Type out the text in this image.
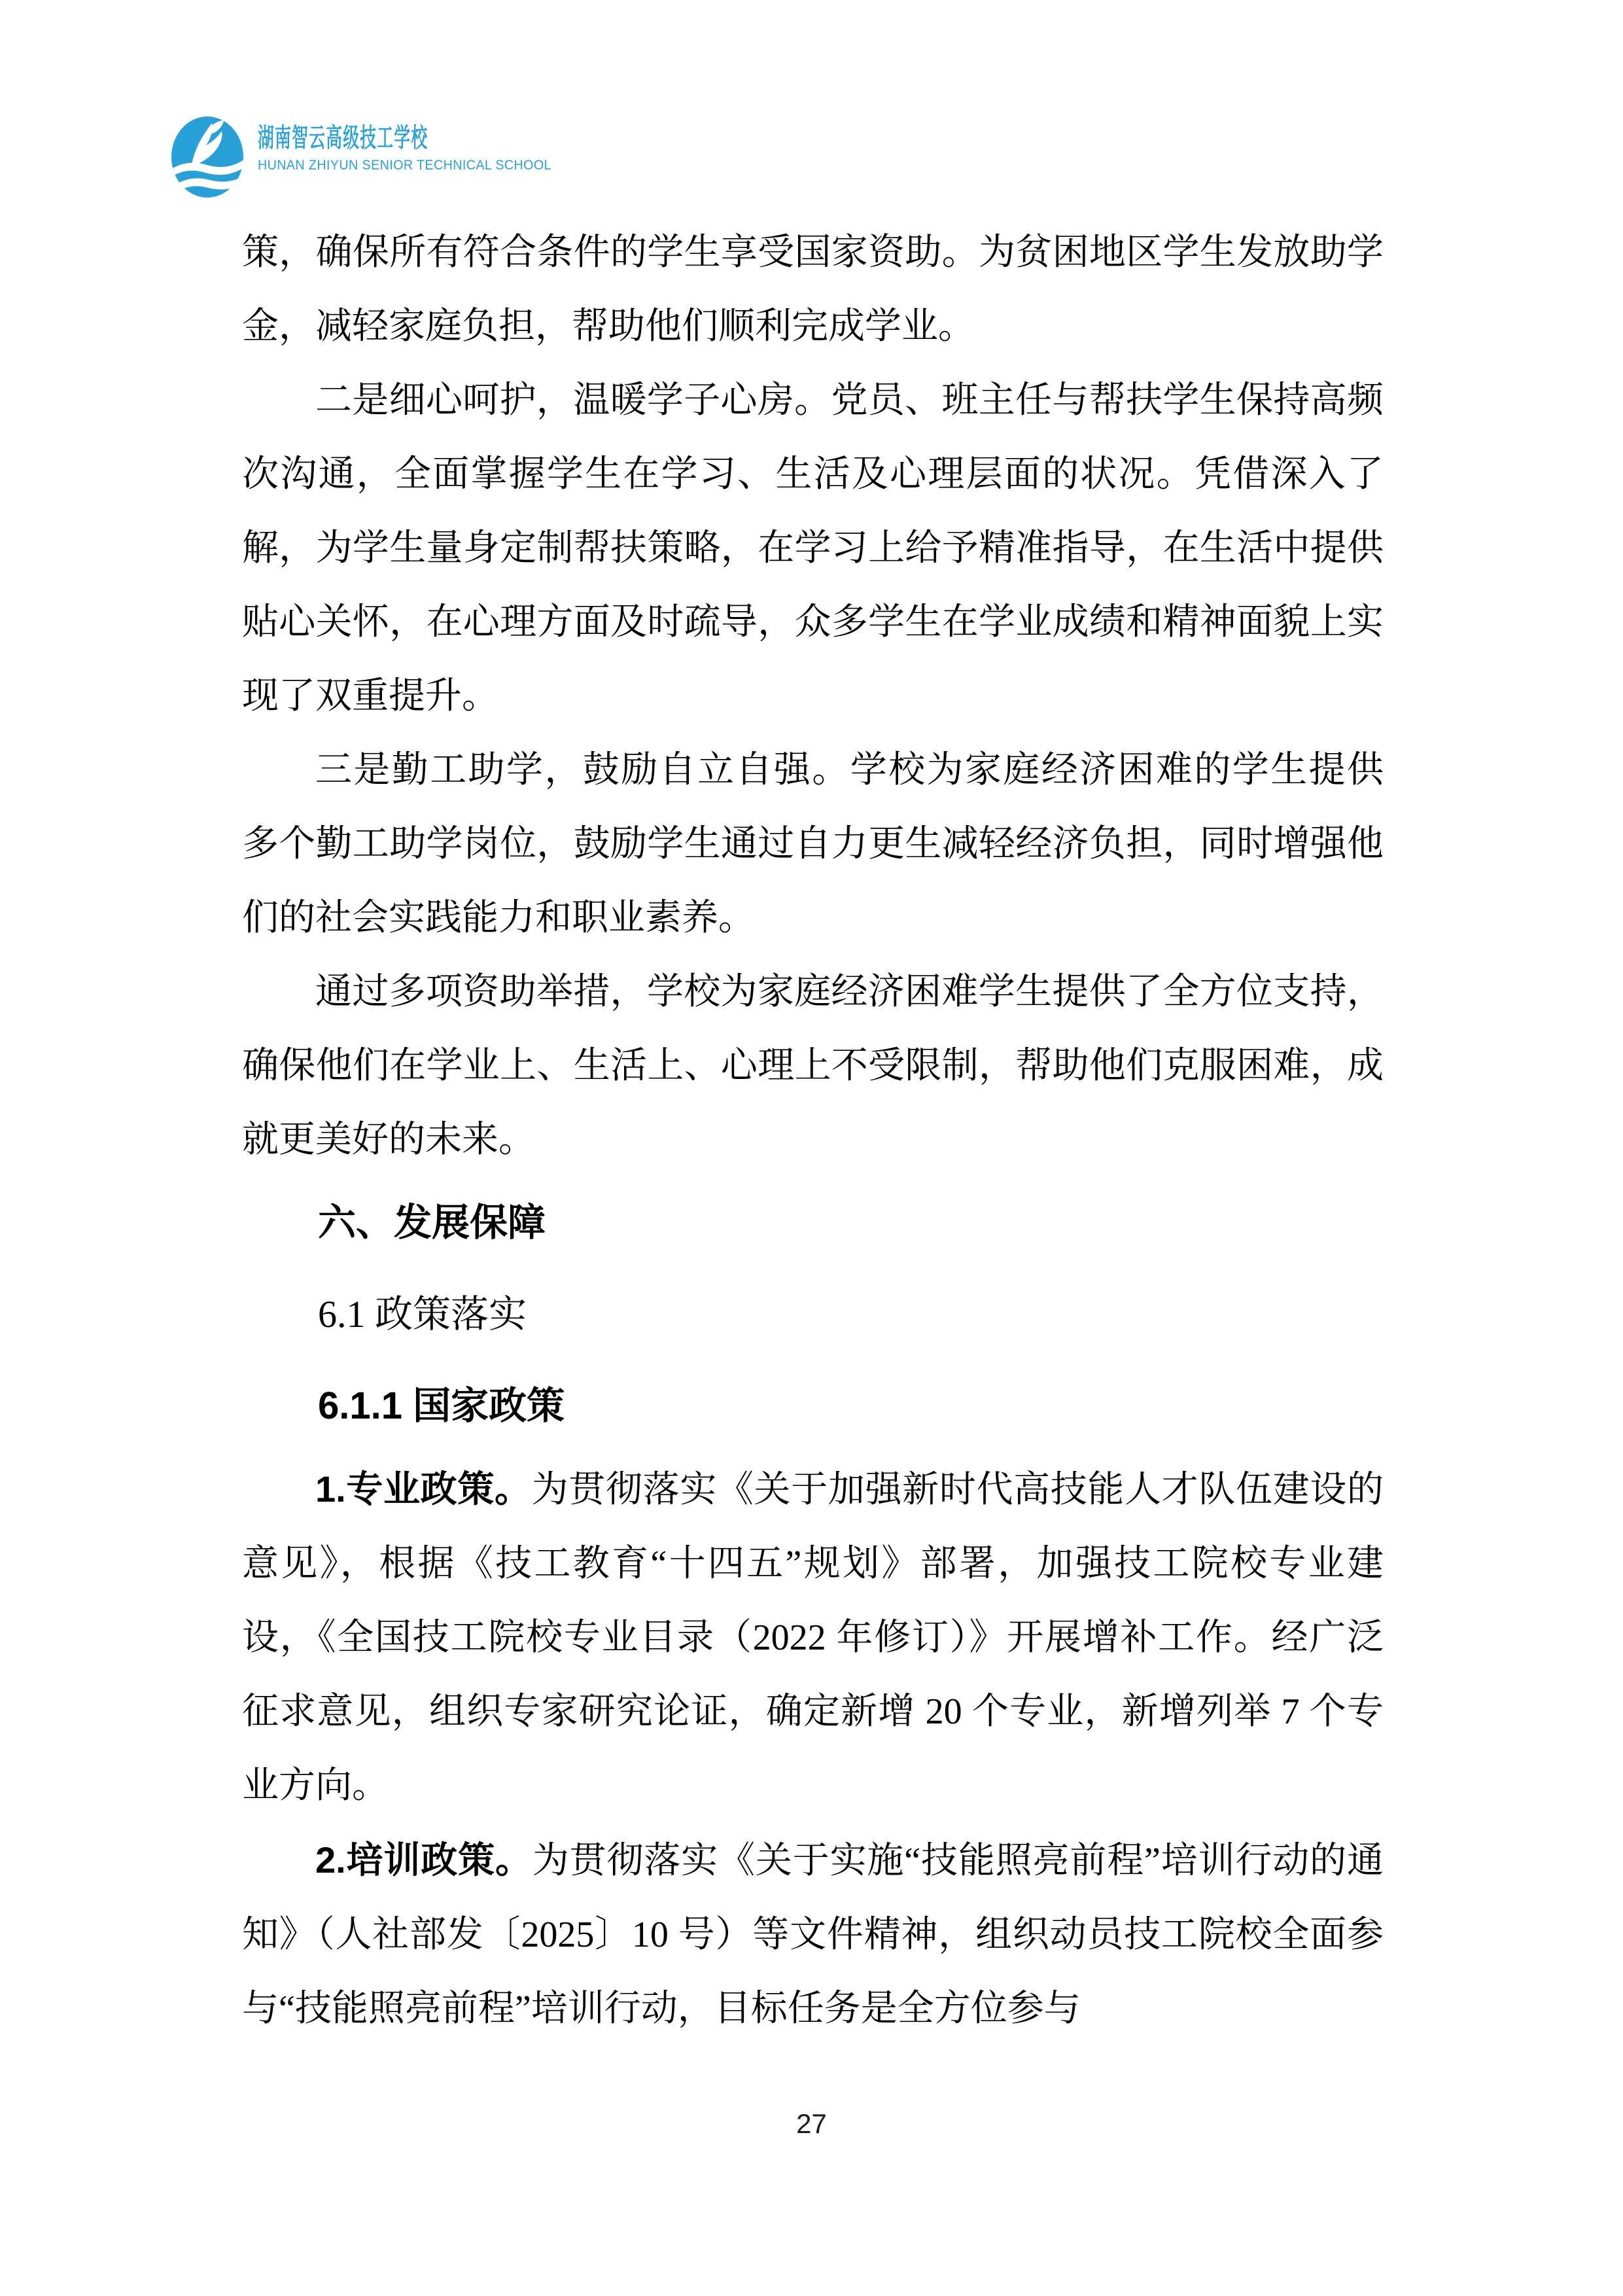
湖南智云高级技工学校
HUNAN ZHIYUN SENIOR TECHNICAL SCHOOL

策，确保所有符合条件的学生享受国家资助。为贫困地区学生发放助学金，减轻家庭负担，帮助他们顺利完成学业。

二是细心呵护，温暖学子心房。党员、班主任与帮扶学生保持高频次沟通，全面掌握学生在学习、生活及心理层面的状况。凭借深入了解，为学生量身定制帮扶策略，在学习上给予精准指导，在生活中提供贴心关怀，在心理方面及时疏导，众多学生在学业成绩和精神面貌上实现了双重提升。

三是勤工助学，鼓励自立自强。学校为家庭经济困难的学生提供 多个勤工助学岗位，鼓励学生通过自力更生减轻经济负担，同时增强他们的社会实践能力和职业素养。

通过多项资助举措，学校为家庭经济困难学生提供了全方位支持，确保他们在学业上、生活上、心理上不受限制，帮助他们克服困难，成就更美好的未来。

六、发展保障
6.1 政策落实
6.1.1 国家政策

1.专业政策。为贯彻落实《关于加强新时代高技能人才队伍建设的意见》，根据《技工教育“十四五”规划》部署，加强技工院校专业建设，《全国技工院校专业目录（2022 年修订）》开展增补工作。经广泛征求意见，组织专家研究论证，确定新增 20 个专业，新增列举 7 个专业方向。

2.培训政策。为贯彻落实《关于实施“技能照亮前程”培训行动的通知》（人社部发〔2025〕10 号）等文件精神，组织动员技工院校全面参与“技能照亮前程”培训行动，目标任务是全方位参与

27
